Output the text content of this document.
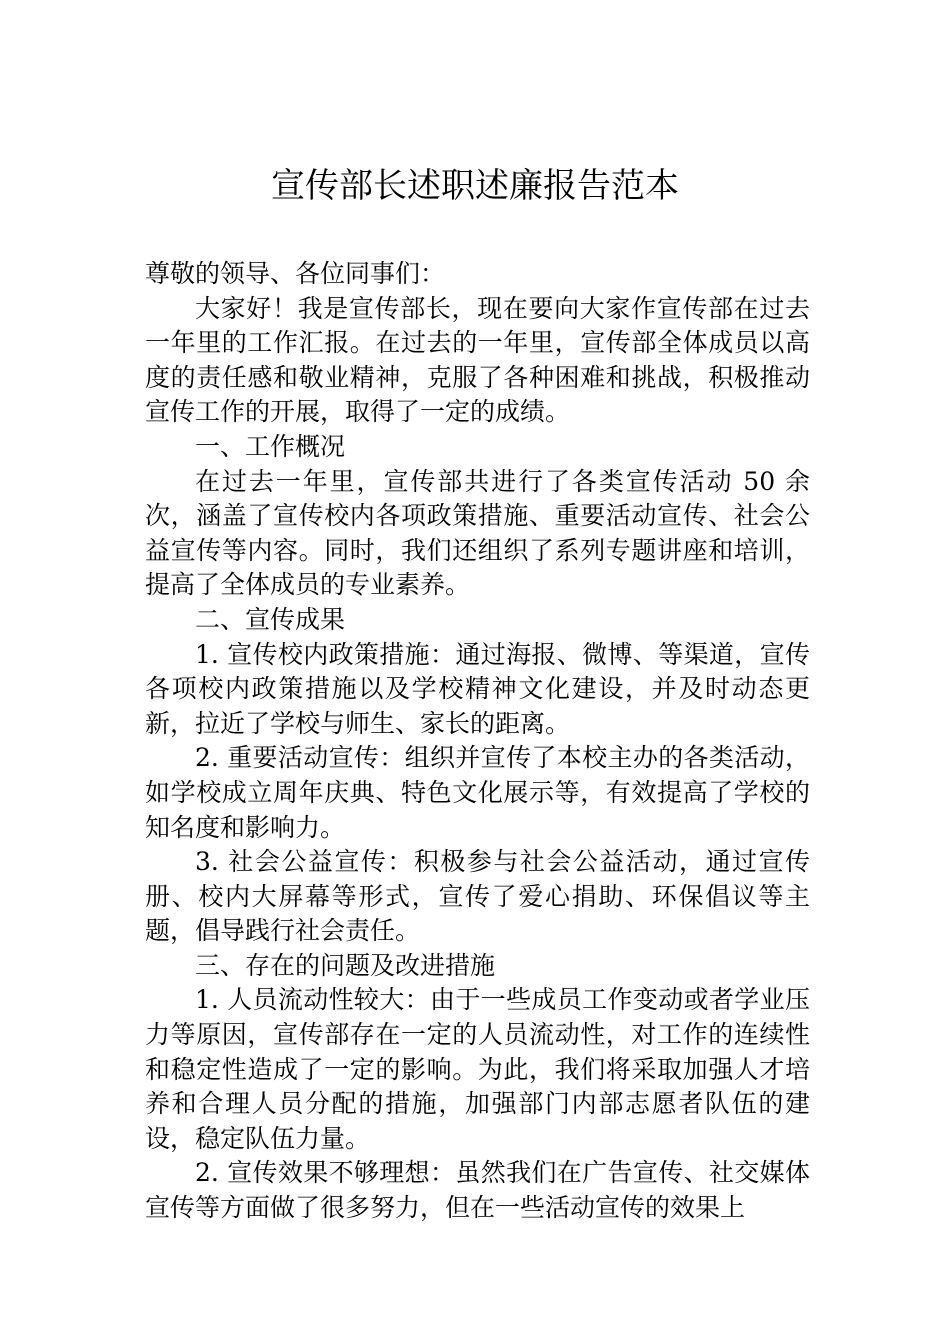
宣传部长述职述廉报告范本

尊敬的领导、各位同事们：

大家好！我是宣传部长，现在要向大家作宣传部在过去一年里的工作汇报。在过去的一年里，宣传部全体成员以高度的责任感和敬业精神，克服了各种困难和挑战，积极推动宣传工作的开展，取得了一定的成绩。

一、工作概况

在过去一年里，宣传部共进行了各类宣传活动 50 余次，涵盖了宣传校内各项政策措施、重要活动宣传、社会公益宣传等内容。同时，我们还组织了系列专题讲座和培训，提高了全体成员的专业素养。

二、宣传成果

1. 宣传校内政策措施：通过海报、微博、等渠道，宣传各项校内政策措施以及学校精神文化建设，并及时动态更新，拉近了学校与师生、家长的距离。

2. 重要活动宣传：组织并宣传了本校主办的各类活动，如学校成立周年庆典、特色文化展示等，有效提高了学校的知名度和影响力。

3. 社会公益宣传：积极参与社会公益活动，通过宣传册、校内大屏幕等形式，宣传了爱心捐助、环保倡议等主题，倡导践行社会责任。

三、存在的问题及改进措施

1. 人员流动性较大：由于一些成员工作变动或者学业压力等原因，宣传部存在一定的人员流动性，对工作的连续性和稳定性造成了一定的影响。为此，我们将采取加强人才培养和合理人员分配的措施，加强部门内部志愿者队伍的建设，稳定队伍力量。

2. 宣传效果不够理想：虽然我们在广告宣传、社交媒体宣传等方面做了很多努力，但在一些活动宣传的效果上
